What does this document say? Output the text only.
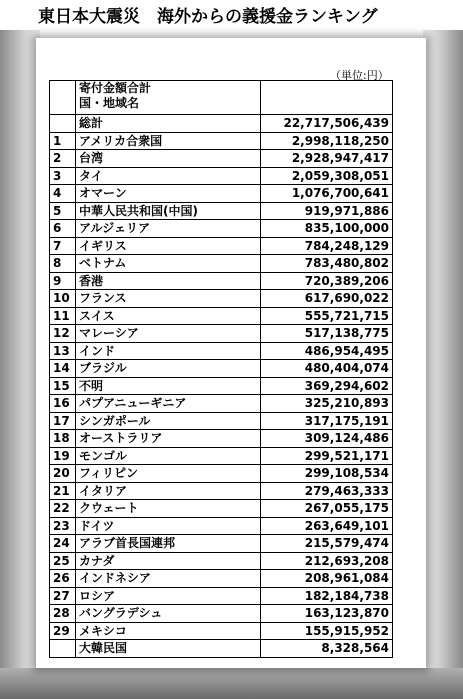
東日本大震災　海外からの義援金ランキング
（単位:円）

	寄付金額合計
国・地域名	

	総計	22,717,506,439
1	アメリカ合衆国	2,998,118,250
2	台湾	2,928,947,417
3	タイ	2,059,308,051
4	オマーン	1,076,700,641
5	中華人民共和国(中国)	919,971,886
6	アルジェリア	835,100,000
7	イギリス	784,248,129
8	ベトナム	783,480,802
9	香港	720,389,206
10	フランス	617,690,022
11	スイス	555,721,715
12	マレーシア	517,138,775
13	インド	486,954,495
14	ブラジル	480,404,074
15	不明	369,294,602
16	パプアニューギニア	325,210,893
17	シンガポール	317,175,191
18	オーストラリア	309,124,486
19	モンゴル	299,521,171
20	フィリピン	299,108,534
21	イタリア	279,463,333
22	クウェート	267,055,175
23	ドイツ	263,649,101
24	アラブ首長国連邦	215,579,474
25	カナダ	212,693,208
26	インドネシア	208,961,084
27	ロシア	182,184,738
28	バングラデシュ	163,123,870
29	メキシコ	155,915,952
	大韓民国	8,328,564
